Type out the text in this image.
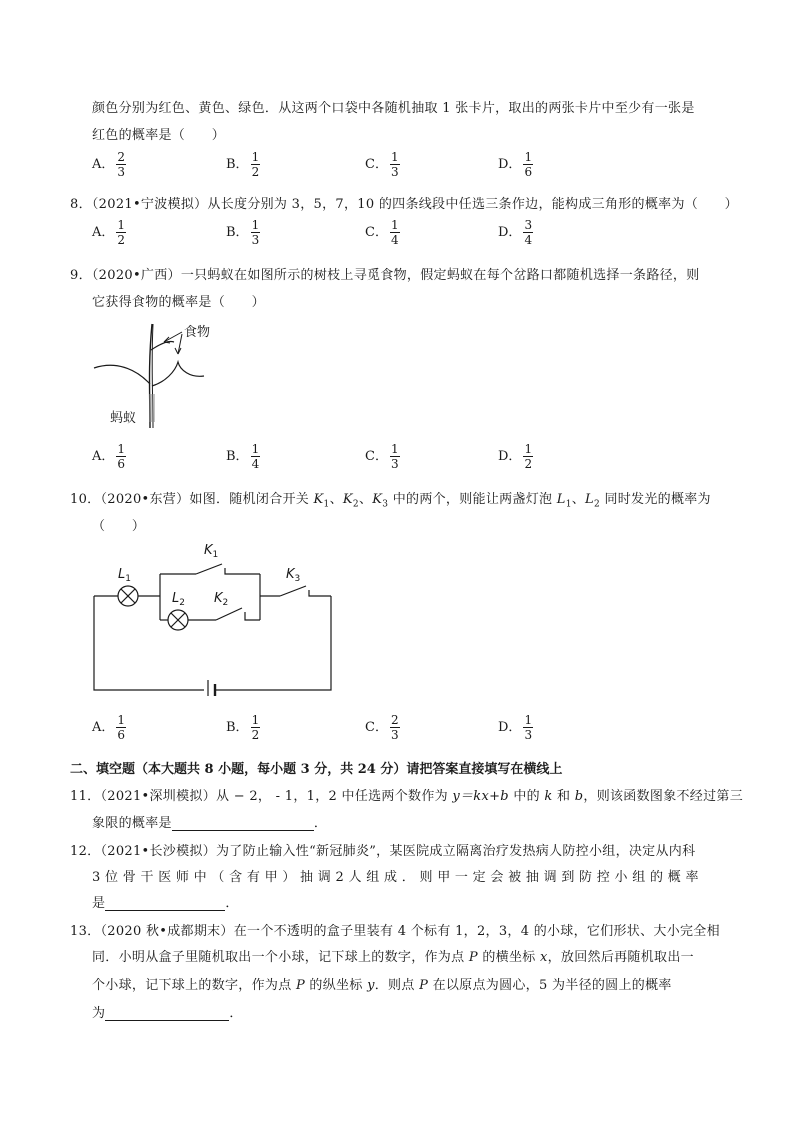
颜色分别为红色、黄色、绿色．从这两个口袋中各随机抽取 1 张卡片，取出的两张卡片中至少有一张是
红色的概率是（　　）
A． $\frac{2}{3}$	B． $\frac{1}{2}$	C． $\frac{1}{3}$	D． $\frac{1}{6}$
8．（2021•宁波模拟）从长度分别为 3，5，7，10 的四条线段中任选三条作边，能构成三角形的概率为（　　）
A． $\frac{1}{2}$	B． $\frac{1}{3}$	C． $\frac{1}{4}$	D． $\frac{3}{4}$
9．（2020•广西）一只蚂蚁在如图所示的树枝上寻觅食物，假定蚂蚁在每个岔路口都随机选择一条路径，则
它获得食物的概率是（　　）
食物
蚂蚁
A． $\frac{1}{6}$	B． $\frac{1}{4}$	C． $\frac{1}{3}$	D． $\frac{1}{2}$
10．（2020•东营）如图．随机闭合开关 $K_1$、$K_2$、$K_3$ 中的两个，则能让两盏灯泡 $L_1$、$L_2$ 同时发光的概率为
（　　）
$L_1$
$L_2$
$K_1$
$K_2$
$K_3$
A． $\frac{1}{6}$	B． $\frac{1}{2}$	C． $\frac{2}{3}$	D． $\frac{1}{3}$
二、填空题（本大题共 8 小题，每小题 3 分，共 24 分）请把答案直接填写在横线上
11．（2021•深圳模拟）从 − 2， - 1，1，2 中任选两个数作为 y＝kx+b 中的 k 和 b，则该函数图象不经过第三
象限的概率是	．
12．（2021•长沙模拟）为了防止输入性“新冠肺炎”，某医院成立隔离治疗发热病人防控小组，决定从内科
3 位 骨 干 医 师 中 （ 含 有 甲 ） 抽 调 2 人 组 成 ． 则 甲 一 定 会 被 抽 调 到 防 控 小 组 的 概 率
是	．
13．（2020 秋•成都期末）在一个不透明的盒子里装有 4 个标有 1，2，3，4 的小球，它们形状、大小完全相
同．小明从盒子里随机取出一个小球，记下球上的数字，作为点 P 的横坐标 x，放回然后再随机取出一
个小球，记下球上的数字，作为点 P 的纵坐标 y．则点 P 在以原点为圆心，5 为半径的圆上的概率
为	．
